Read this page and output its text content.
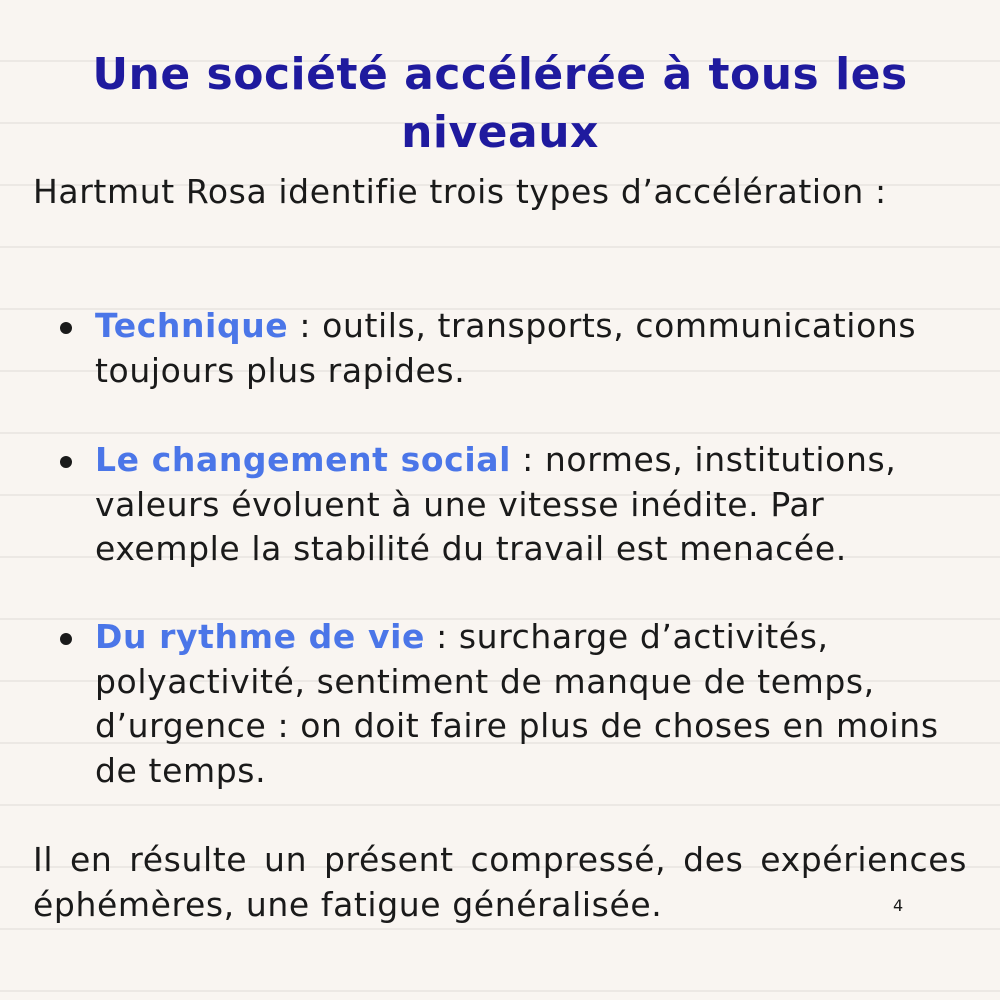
Une société accélérée à tous les niveaux

Hartmut Rosa identifie trois types d’accélération :

Technique : outils, transports, communications toujours plus rapides.
Le changement social : normes, institutions, valeurs évoluent à une vitesse inédite. Par exemple la stabilité du travail est menacée.
Du rythme de vie : surcharge d’activités, polyactivité, sentiment de manque de temps, d’urgence : on doit faire plus de choses en moins de temps.

Il en résulte un présent compressé, des expériences éphémères, une fatigue généralisée.	4
